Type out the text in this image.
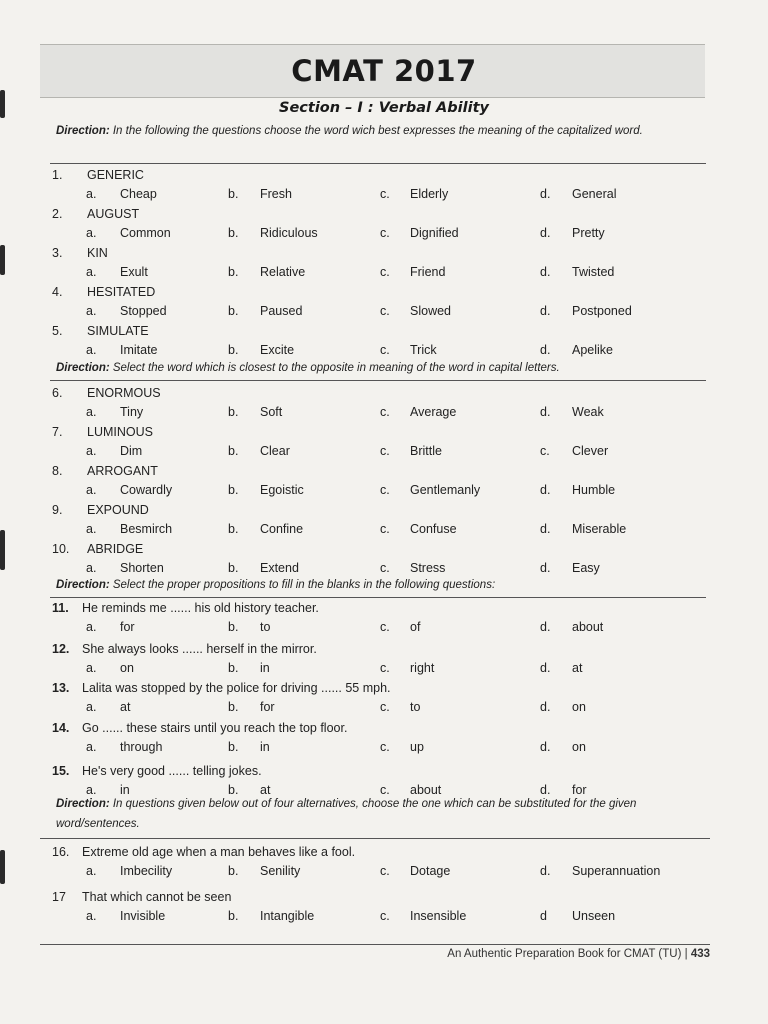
CMAT 2017
Section – I : Verbal Ability
Direction: In the following the questions choose the word wich best expresses the meaning of the capitalized word.
Direction: Select the word which is closest to the opposite in meaning of the word in capital letters.
Direction: Select the proper propositions to fill in the blanks in the following questions:
Direction: In questions given below out of four alternatives, choose the one which can be substituted for the given word/sentences.
1.	GENERIC
a. Cheap	b. Fresh	c. Elderly	d. General
2.	AUGUST
a. Common	b. Ridiculous	c. Dignified	d. Pretty
3.	KIN
a. Exult	b. Relative	c. Friend	d. Twisted
4.	HESITATED
a. Stopped	b. Paused	c. Slowed	d. Postponed
5.	SIMULATE
a. Imitate	b. Excite	c. Trick	d. Apelike
6.	ENORMOUS
a. Tiny	b. Soft	c. Average	d. Weak
7.	LUMINOUS
a. Dim	b. Clear	c. Brittle	c. Clever
8.	ARROGANT
a. Cowardly	b. Egoistic	c. Gentlemanly	d. Humble
9.	EXPOUND
a. Besmirch	b. Confine	c. Confuse	d. Miserable
10.	ABRIDGE
a. Shorten	b. Extend	c. Stress	d. Easy
11.	He reminds me ...... his old history teacher.
a. for	b. to	c. of	d. about
12.	She always looks ...... herself in the mirror.
a. on	b. in	c. right	d. at
13.	Lalita was stopped by the police for driving ...... 55 mph.
a. at	b. for	c. to	d. on
14.	Go ...... these stairs until you reach the top floor.
a. through	b. in	c. up	d. on
15.	He's very good ...... telling jokes.
a. in	b. at	c. about	d. for
16.	Extreme old age when a man behaves like a fool.
a. Imbecility	b. Senility	c. Dotage	d. Superannuation
17	That which cannot be seen
a. Invisible	b. Intangible	c. Insensible	d Unseen
An Authentic Preparation Book for CMAT (TU) | 433
